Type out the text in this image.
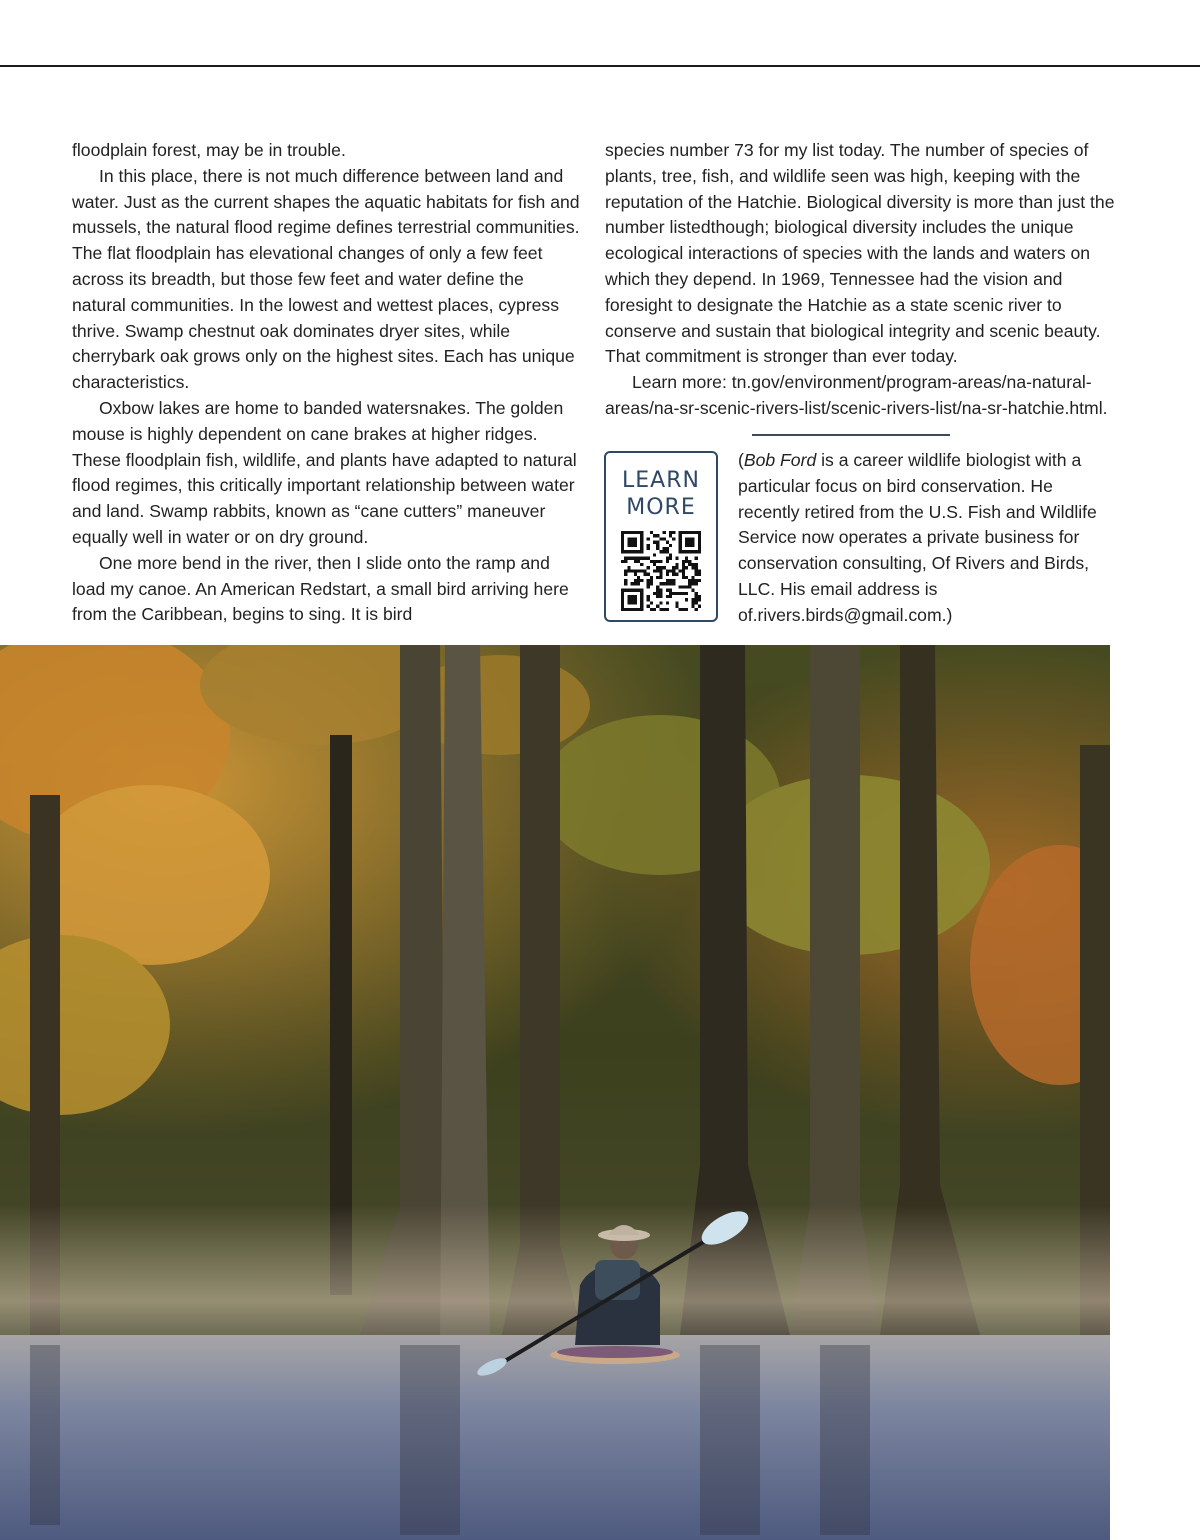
floodplain forest, may be in trouble.

In this place, there is not much difference between land and water. Just as the current shapes the aquatic habitats for fish and mussels, the natural flood regime defines terrestrial communities. The flat floodplain has elevational changes of only a few feet across its breadth, but those few feet and water define the natural communities. In the lowest and wettest places, cypress thrive. Swamp chestnut oak dominates dryer sites, while cherrybark oak grows only on the highest sites. Each has unique characteristics.

Oxbow lakes are home to banded watersnakes. The golden mouse is highly dependent on cane brakes at higher ridges. These floodplain fish, wildlife, and plants have adapted to natural flood regimes, this critically important relationship between water and land. Swamp rabbits, known as “cane cutters” maneuver equally well in water or on dry ground.

One more bend in the river, then I slide onto the ramp and load my canoe. An American Redstart, a small bird arriving here from the Caribbean, begins to sing. It is bird

species number 73 for my list today. The number of species of plants, tree, fish, and wildlife seen was high, keeping with the reputation of the Hatchie. Biological diversity is more than just the number listedthough; biological diversity includes the unique ecological interactions of species with the lands and waters on which they depend. In 1969, Tennessee had the vision and foresight to designate the Hatchie as a state scenic river to conserve and sustain that biological integrity and scenic beauty. That commitment is stronger than ever today.

Learn more: tn.gov/environment/program-areas/na-natural-areas/na-sr-scenic-rivers-list/scenic-rivers-list/na-sr-hatchie.html.

LEARN
MORE
(Bob Ford is a career wildlife biologist with a particular focus on bird conservation. He recently retired from the U.S. Fish and Wildlife Service now operates a private business for conservation consulting, Of Rivers and Birds, LLC. His email address is of.rivers.birds@gmail.com.)
